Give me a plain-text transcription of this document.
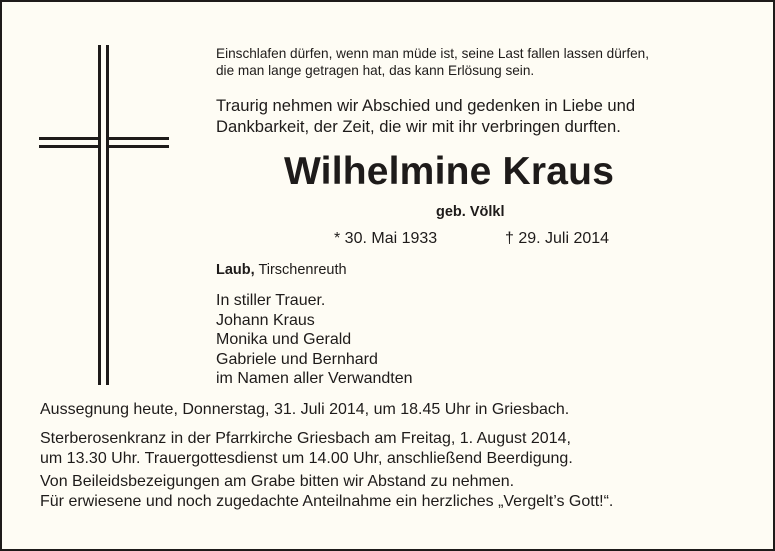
Einschlafen dürfen, wenn man müde ist, seine Last fallen lassen dürfen,
die man lange getragen hat, das kann Erlösung sein.
Traurig nehmen wir Abschied und gedenken in Liebe und
Dankbarkeit, der Zeit, die wir mit ihr verbringen durften.
Wilhelmine Kraus
geb. Völkl
* 30. Mai 1933	† 29. Juli 2014
Laub, Tirschenreuth
In stiller Trauer.
Johann Kraus
Monika und Gerald
Gabriele und Bernhard
im Namen aller Verwandten
Aussegnung heute, Donnerstag, 31. Juli 2014, um 18.45 Uhr in Griesbach.
Sterberosenkranz in der Pfarrkirche Griesbach am Freitag, 1. August 2014,
um 13.30 Uhr. Trauergottesdienst um 14.00 Uhr, anschließend Beerdigung.
Von Beileidsbezeigungen am Grabe bitten wir Abstand zu nehmen.
Für erwiesene und noch zugedachte Anteilnahme ein herzliches „Vergelt’s Gott!“.
